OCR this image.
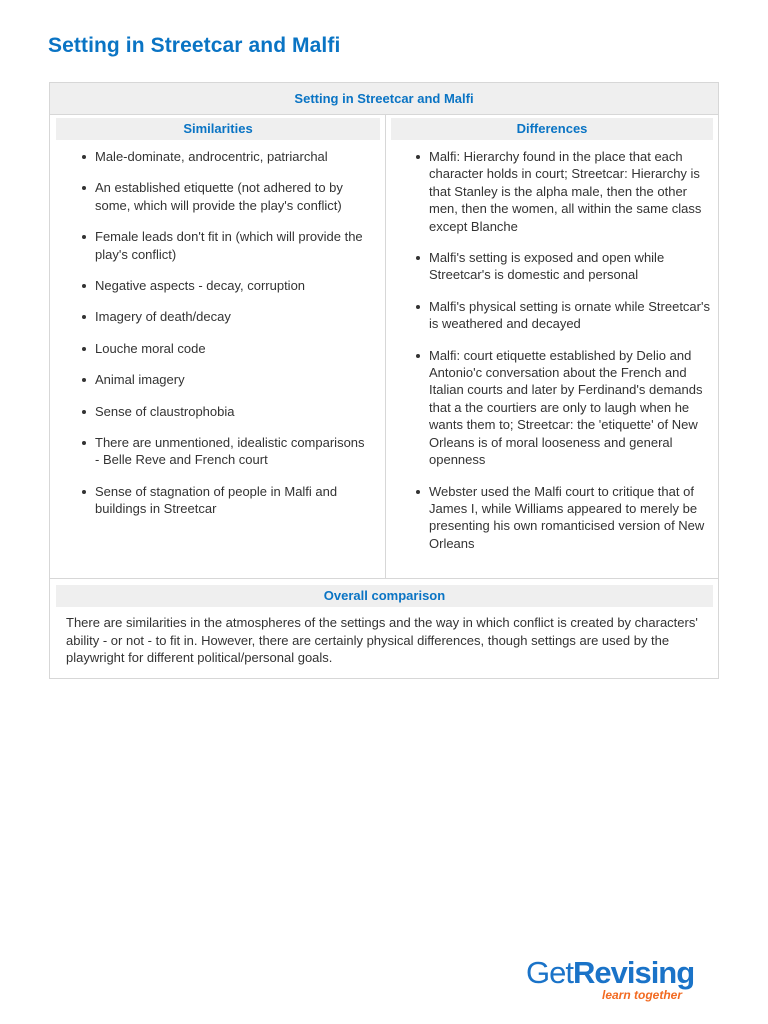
Setting in Streetcar and Malfi
Setting in Streetcar and Malfi
Similarities
Male-dominate, androcentric, patriarchal
An established etiquette (not adhered to by some, which will provide the play's conflict)
Female leads don't fit in (which will provide the play's conflict)
Negative aspects - decay, corruption
Imagery of death/decay
Louche moral code
Animal imagery
Sense of claustrophobia
There are unmentioned, idealistic comparisons - Belle Reve and French court
Sense of stagnation of people in Malfi and buildings in Streetcar
Differences
Malfi: Hierarchy found in the place that each character holds in court; Streetcar: Hierarchy is that Stanley is the alpha male, then the other men, then the women, all within the same class except Blanche
Malfi's setting is exposed and open while Streetcar's is domestic and personal
Malfi's physical setting is ornate while Streetcar's is weathered and decayed
Malfi: court etiquette established by Delio and Antonio'c conversation about the French and Italian courts and later by Ferdinand's demands that a the courtiers are only to laugh when he wants them to; Streetcar: the 'etiquette' of New Orleans is of moral looseness and general openness
Webster used the Malfi court to critique that of James I, while Williams appeared to merely be presenting his own romanticised version of New Orleans
Overall comparison

There are similarities in the atmospheres of the settings and the way in which conflict is created by characters' ability - or not - to fit in. However, there are certainly physical differences, though settings are used by the playwright for different political/personal goals.

GetRevising
learn together
